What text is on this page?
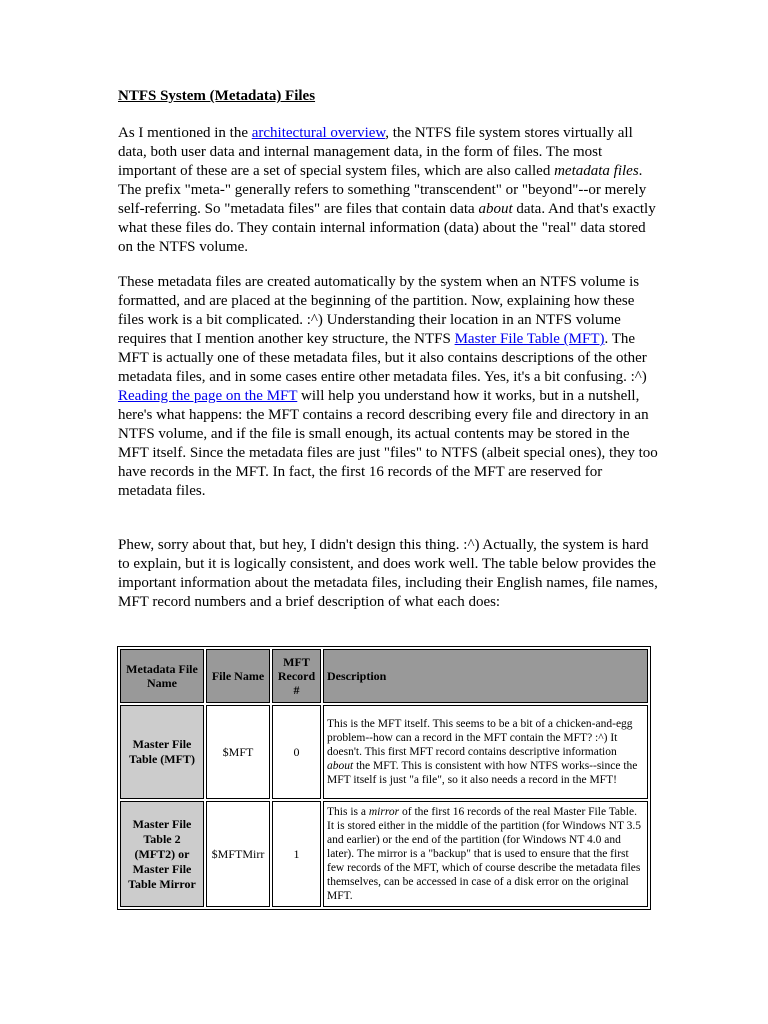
NTFS System (Metadata) Files

As I mentioned in the architectural overview, the NTFS file system stores virtually all data, both user data and internal management data, in the form of files. The most important of these are a set of special system files, which are also called metadata files. The prefix "meta-" generally refers to something "transcendent" or "beyond"--or merely self-referring. So "metadata files" are files that contain data about data. And that's exactly what these files do. They contain internal information (data) about the "real" data stored on the NTFS volume.

These metadata files are created automatically by the system when an NTFS volume is formatted, and are placed at the beginning of the partition. Now, explaining how these files work is a bit complicated. :^) Understanding their location in an NTFS volume requires that I mention another key structure, the NTFS Master File Table (MFT). The MFT is actually one of these metadata files, but it also contains descriptions of the other metadata files, and in some cases entire other metadata files. Yes, it's a bit confusing. :^) Reading the page on the MFT will help you understand how it works, but in a nutshell, here's what happens: the MFT contains a record describing every file and directory in an NTFS volume, and if the file is small enough, its actual contents may be stored in the MFT itself. Since the metadata files are just "files" to NTFS (albeit special ones), they too have records in the MFT. In fact, the first 16 records of the MFT are reserved for metadata files.

Phew, sorry about that, but hey, I didn't design this thing. :^) Actually, the system is hard to explain, but it is logically consistent, and does work well. The table below provides the important information about the metadata files, including their English names, file names, MFT record numbers and a brief description of what each does:

Metadata File Name	File Name	MFT Record #	Description
Master File Table (MFT)	$MFT	0	This is the MFT itself. This seems to be a bit of a chicken-and-egg problem--how can a record in the MFT contain the MFT? :^) It doesn't. This first MFT record contains descriptive information about the MFT. This is consistent with how NTFS works--since the MFT itself is just "a file", so it also needs a record in the MFT!
Master File Table 2 (MFT2) or Master File Table Mirror	$MFTMirr	1	This is a mirror of the first 16 records of the real Master File Table. It is stored either in the middle of the partition (for Windows NT 3.5 and earlier) or the end of the partition (for Windows NT 4.0 and later). The mirror is a "backup" that is used to ensure that the first few records of the MFT, which of course describe the metadata files themselves, can be accessed in case of a disk error on the original MFT.
